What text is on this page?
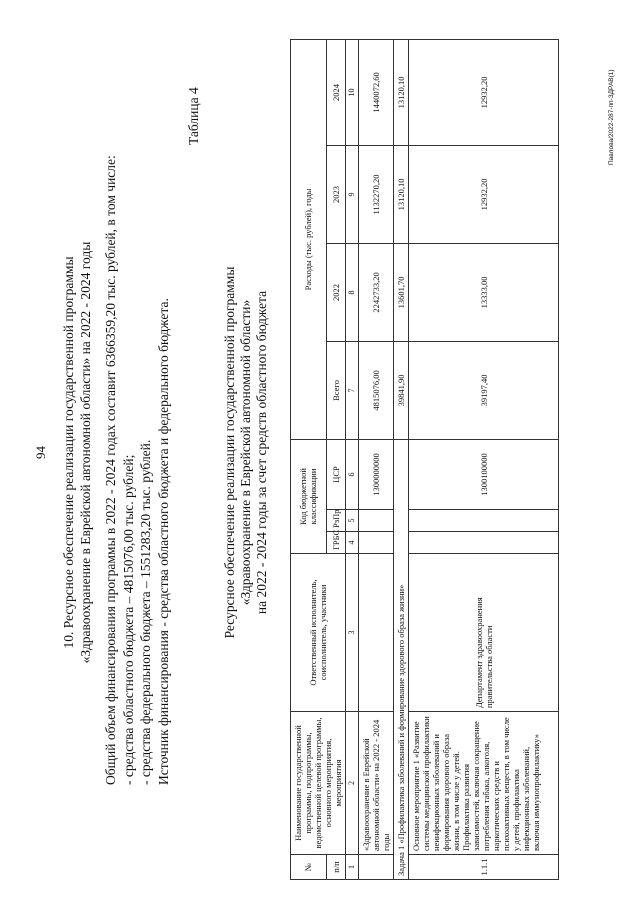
94 10. Ресурсное обеспечение реализации государственной программы «Здравоохранение в Еврейской автономной области» на 2022 - 2024 годы Общий объем финансирования программы в 2022 - 2024 годах составит 6366359,20 тыс. рублей, в том числе: - средства областного бюджета – 4815076,00 тыс. рублей; - средства федерального бюджета – 1551283,20 тыс. рублей. Источник финансирования - средства областного бюджета и федерального бюджета.
Таблица 4
Ресурсное обеспечение реализации государственной программы «Здравоохранение в Еврейской автономной области» на 2022 - 2024 годы за счет средств областного бюджета
№	Наименование государственной программы, подпрограммы, ведомственной целевой программы, основного мероприятия, мероприятия	Ответственный исполнитель, соисполнитель, участники	Код бюджетной классификации			Расходы (тыс. рублей), годы			
п/п			ГРБС	РзПр	ЦСР	Всего	2022	2023	2024
1	2	3	4	5	6	7	8	9	10
	«Здравоохранение в Еврейской автономной области» на 2022 - 2024 годы				1300000000	4815076,00	2242733,20	1132270,20	1440072,60
Задача 1 «Профилактика заболеваний и формирование здорового образа жизни»						39841,90	13601,70	13120,10	13120,10
1.1.1	Основное мероприятие 1 «Развитие системы медицинской профилактики неинфекционных заболеваний и формирования здорового образа жизни, в том числе у детей. Профилактика развития зависимостей, включая сокращение потребления табака, алкоголя, наркотических средств и психоактивных веществ, в том числе у детей, профилактика инфекционных заболеваний, включая иммунопрофилактику»	Департамент здравоохранения правительства области			1300100000	39197,40	13333,00	12932,20	12932,20	Павлова/2022-287-пп-ЗДРАВ(1)
